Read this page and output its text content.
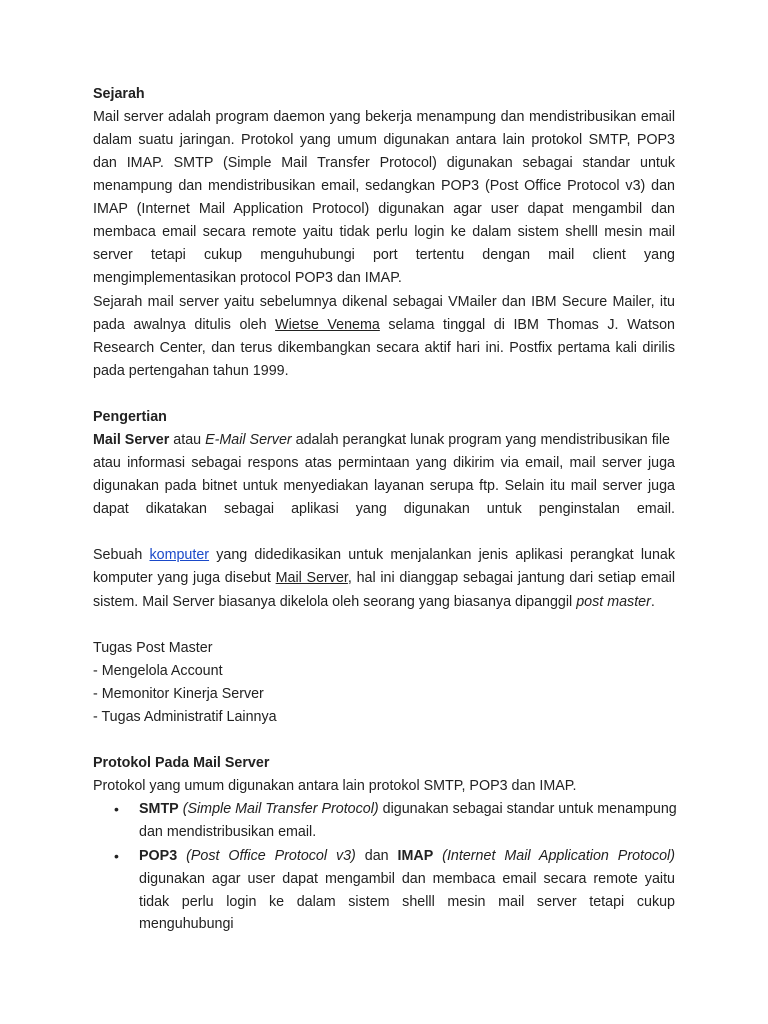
Sejarah
Mail server adalah program daemon yang bekerja menampung dan mendistribusikan email
dalam suatu jaringan. Protokol yang umum digunakan antara lain protokol SMTP, POP3
dan IMAP. SMTP (Simple Mail Transfer Protocol) digunakan sebagai standar untuk
menampung dan mendistribusikan email, sedangkan POP3 (Post Office Protocol v3) dan
IMAP (Internet Mail Application Protocol) digunakan agar user dapat mengambil dan
membaca email secara remote yaitu tidak perlu login ke dalam sistem shelll mesin mail
server tetapi cukup menguhubungi port tertentu dengan mail client yang
mengimplementasikan protocol POP3 dan IMAP.
Sejarah mail server yaitu sebelumnya dikenal sebagai VMailer dan IBM Secure Mailer, itu
pada awalnya ditulis oleh Wietse Venema selama tinggal di IBM Thomas J. Watson
Research Center, dan terus dikembangkan secara aktif hari ini. Postfix pertama kali dirilis
pada pertengahan tahun 1999.
Pengertian
Mail Server atau E-Mail Server adalah perangkat lunak program yang mendistribusikan file
atau informasi sebagai respons atas permintaan yang dikirim via email, mail server juga
digunakan pada bitnet untuk menyediakan layanan serupa ftp. Selain itu mail server juga
dapat dikatakan sebagai aplikasi yang digunakan untuk penginstalan email.
Sebuah komputer yang didedikasikan untuk menjalankan jenis aplikasi perangkat lunak
komputer yang juga disebut Mail Server, hal ini dianggap sebagai jantung dari setiap email
sistem. Mail Server biasanya dikelola oleh seorang yang biasanya dipanggil post master.
Tugas Post Master
- Mengelola Account
- Memonitor Kinerja Server
- Tugas Administratif Lainnya
Protokol Pada Mail Server
Protokol yang umum digunakan antara lain protokol SMTP, POP3 dan IMAP.
•	SMTP (Simple Mail Transfer Protocol) digunakan sebagai standar untuk menampung
dan mendistribusikan email.
•	POP3 (Post Office Protocol v3) dan IMAP (Internet Mail Application Protocol)
digunakan agar user dapat mengambil dan membaca email secara remote yaitu
tidak perlu login ke dalam sistem shelll mesin mail server tetapi cukup menguhubungi
